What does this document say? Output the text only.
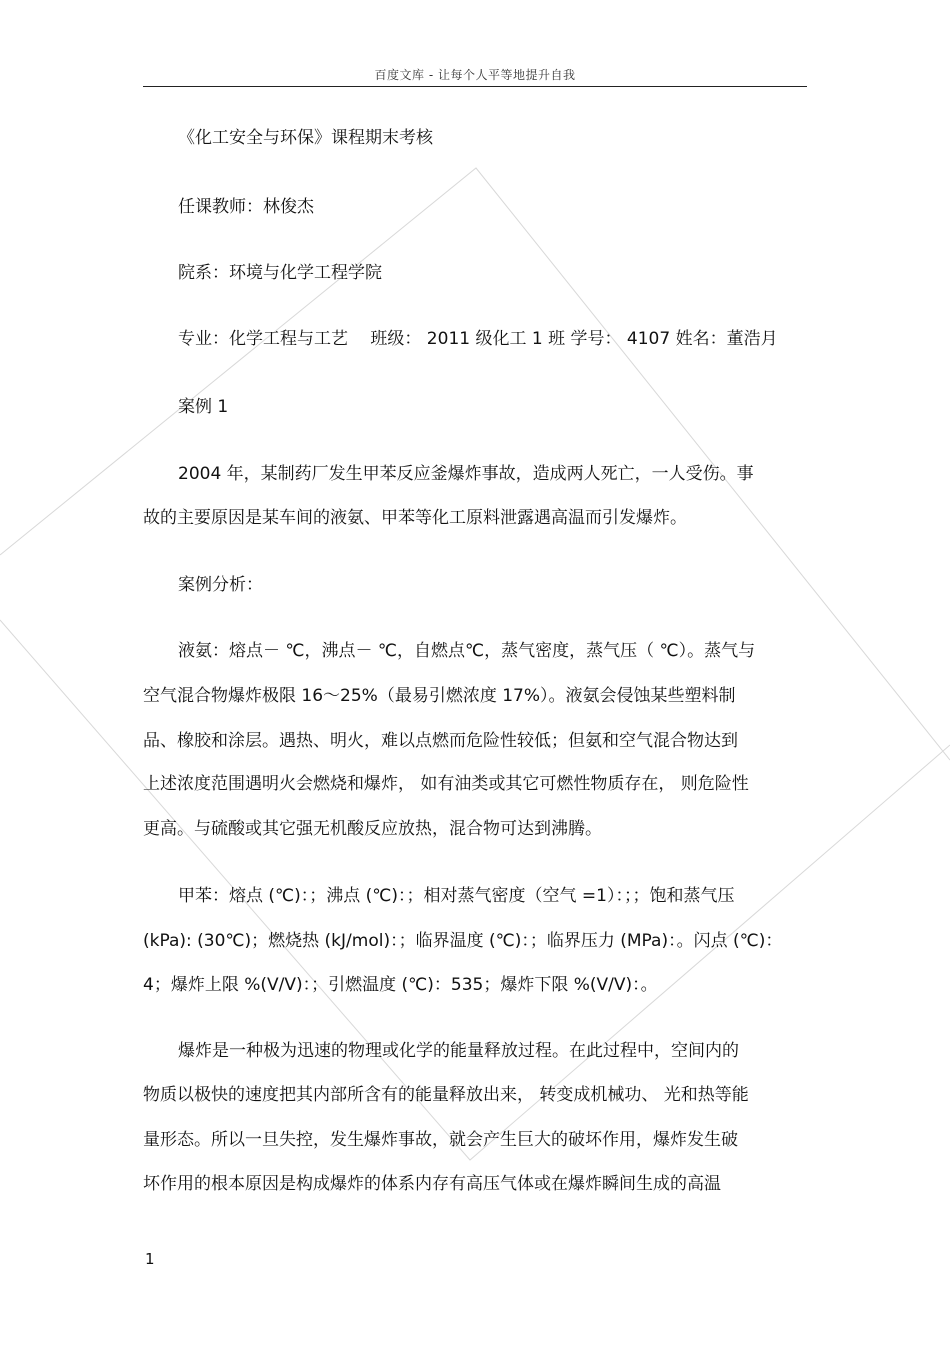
百度文库 - 让每个人平等地提升自我
《化工安全与环保》课程期末考核
任课教师：林俊杰
院系：环境与化学工程学院
专业：化学工程与工艺　 班级： 2011 级化工 1 班 学号： 4107 姓名：董浩月
案例 1
2004 年，某制药厂发生甲苯反应釜爆炸事故，造成两人死亡，一人受伤。事
故的主要原因是某车间的液氨、甲苯等化工原料泄露遇高温而引发爆炸。
案例分析：
液氨：熔点－ ℃，沸点－ ℃，自燃点℃，蒸气密度，蒸气压（ ℃）。蒸气与
空气混合物爆炸极限 16～25%（最易引燃浓度 17%）。液氨会侵蚀某些塑料制
品、橡胶和涂层。遇热、明火，难以点燃而危险性较低；但氨和空气混合物达到
上述浓度范围遇明火会燃烧和爆炸， 如有油类或其它可燃性物质存在， 则危险性
更高。与硫酸或其它强无机酸反应放热，混合物可达到沸腾。
甲苯：熔点 (℃)：；沸点 (℃)：；相对蒸气密度（空气 =1）：；；饱和蒸气压
(kPa): (30℃)；燃烧热 (kJ/mol)：；临界温度 (℃)：；临界压力 (MPa)：。闪点 (℃)：
4；爆炸上限 %(V/V)：；引燃温度 (℃)：535；爆炸下限 %(V/V)：。
爆炸是一种极为迅速的物理或化学的能量释放过程。在此过程中，空间内的
物质以极快的速度把其内部所含有的能量释放出来， 转变成机械功、 光和热等能
量形态。所以一旦失控，发生爆炸事故，就会产生巨大的破坏作用，爆炸发生破
坏作用的根本原因是构成爆炸的体系内存有高压气体或在爆炸瞬间生成的高温
1
